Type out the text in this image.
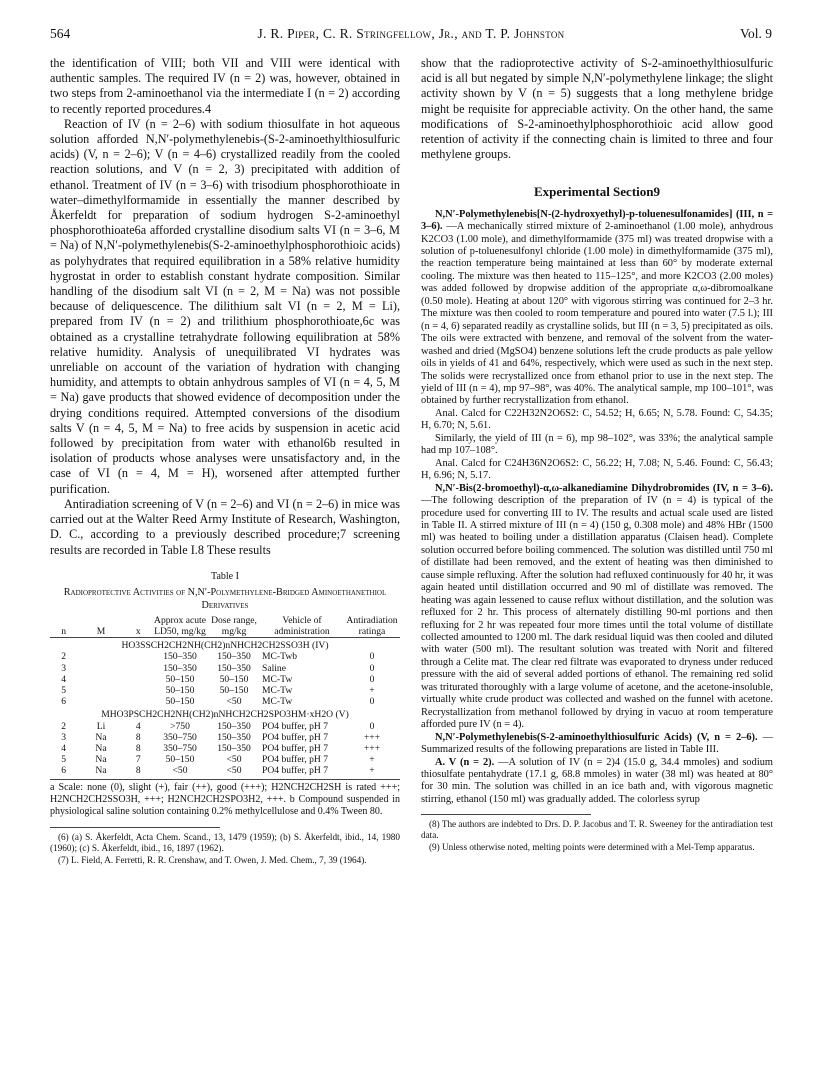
564	J. R. Piper, C. R. Stringfellow, Jr., and T. P. Johnston	Vol. 9

the identification of VIII; both VII and VIII were identical with authentic samples. The required IV (n = 2) was, however, obtained in two steps from 2-aminoethanol via the intermediate I (n = 2) according to recently reported procedures.4

Reaction of IV (n = 2–6) with sodium thiosulfate in hot aqueous solution afforded N,N′-polymethylenebis-(S-2-aminoethylthiosulfuric acids) (V, n = 2–6); V (n = 4–6) crystallized readily from the cooled reaction solutions, and V (n = 2, 3) precipitated with addition of ethanol. Treatment of IV (n = 3–6) with trisodium phosphorothioate in water–dimethylformamide in essentially the manner described by Åkerfeldt for preparation of sodium hydrogen S-2-aminoethyl phosphorothioate6a afforded crystalline disodium salts VI (n = 3–6, M = Na) of N,N′-polymethylenebis(S-2-aminoethylphosphorothioic acids) as polyhydrates that required equilibration in a 58% relative humidity hygrostat in order to establish constant hydrate composition. Similar handling of the disodium salt VI (n = 2, M = Na) was not possible because of deliquescence. The dilithium salt VI (n = 2, M = Li), prepared from IV (n = 2) and trilithium phosphorothioate,6c was obtained as a crystalline tetrahydrate following equilibration at 58% relative humidity. Analysis of unequilibrated VI hydrates was unreliable on account of the variation of hydration with changing humidity, and attempts to obtain anhydrous samples of VI (n = 4, 5, M = Na) gave products that showed evidence of decomposition under the drying conditions required. Attempted conversions of the disodium salts V (n = 4, 5, M = Na) to free acids by suspension in acetic acid followed by precipitation from water with ethanol6b resulted in isolation of products whose analyses were unsatisfactory and, in the case of VI (n = 4, M = H), worsened after attempted further purification.

Antiradiation screening of V (n = 2–6) and VI (n = 2–6) in mice was carried out at the Walter Reed Army Institute of Research, Washington, D. C., according to a previously described procedure;7 screening results are recorded in Table I.8 These results

Table I
Radioprotective Activities of N,N′-Polymethylene-Bridged Aminoethanethiol Derivatives
n	M	x	Approx acute LD50, mg/kg	Dose range, mg/kg	Vehicle of administration	Antiradiation ratinga
HO3SSCH2CH2NH(CH2)nNHCH2CH2SSO3H (IV)						
2			150–350	150–350	MC-Twb	0
3			150–350	150–350	Saline	0
4			50–150	50–150	MC-Tw	0
5			50–150	50–150	MC-Tw	+
6			50–150	<50	MC-Tw	0
MHO3PSCH2CH2NH(CH2)nNHCH2CH2SPO3HM·xH2O (V)						
2	Li	4	>750	150–350	PO4 buffer, pH 7	0
3	Na	8	350–750	150–350	PO4 buffer, pH 7	+++
4	Na	8	350–750	150–350	PO4 buffer, pH 7	+++
5	Na	7	50–150	<50	PO4 buffer, pH 7	+
6	Na	8	<50	<50	PO4 buffer, pH 7	+
a Scale: none (0), slight (+), fair (++), good (+++); H2NCH2CH2SH is rated +++; H2NCH2CH2SSO3H, +++; H2NCH2CH2SPO3H2, +++. b Compound suspended in physiological saline solution containing 0.2% methylcellulose and 0.4% Tween 80.

(6) (a) S. Åkerfeldt, Acta Chem. Scand., 13, 1479 (1959); (b) S. Åkerfeldt, ibid., 14, 1980 (1960); (c) S. Åkerfeldt, ibid., 16, 1897 (1962).

(7) L. Field, A. Ferretti, R. R. Crenshaw, and T. Owen, J. Med. Chem., 7, 39 (1964).

show that the radioprotective activity of S-2-aminoethylthiosulfuric acid is all but negated by simple N,N′-polymethylene linkage; the slight activity shown by V (n = 5) suggests that a long methylene bridge might be requisite for appreciable activity. On the other hand, the same modifications of S-2-aminoethylphosphorothioic acid allow good retention of activity if the connecting chain is limited to three and four methylene groups.

Experimental Section9

N,N′-Polymethylenebis[N-(2-hydroxyethyl)-p-toluenesulfonamides] (III, n = 3–6). —A mechanically stirred mixture of 2-aminoethanol (1.00 mole), anhydrous K2CO3 (1.00 mole), and dimethylformamide (375 ml) was treated dropwise with a solution of p-toluenesulfonyl chloride (1.00 mole) in dimethylformamide (375 ml), the reaction temperature being maintained at less than 60° by moderate external cooling. The mixture was then heated to 115–125°, and more K2CO3 (2.00 moles) was added followed by dropwise addition of the appropriate α,ω-dibromoalkane (0.50 mole). Heating at about 120° with vigorous stirring was continued for 2–3 hr. The mixture was then cooled to room temperature and poured into water (7.5 l.); III (n = 4, 6) separated readily as crystalline solids, but III (n = 3, 5) precipitated as oils. The oils were extracted with benzene, and removal of the solvent from the water-washed and dried (MgSO4) benzene solutions left the crude products as pale yellow oils in yields of 41 and 64%, respectively, which were used as such in the next step. The solids were recrystallized once from ethanol prior to use in the next step. The yield of III (n = 4), mp 97–98°, was 40%. The analytical sample, mp 100–101°, was obtained by further recrystallization from ethanol.

Anal. Calcd for C22H32N2O6S2: C, 54.52; H, 6.65; N, 5.78. Found: C, 54.35; H, 6.70; N, 5.61.

Similarly, the yield of III (n = 6), mp 98–102°, was 33%; the analytical sample had mp 107–108°.

Anal. Calcd for C24H36N2O6S2: C, 56.22; H, 7.08; N, 5.46. Found: C, 56.43; H, 6.96; N, 5.17.

N,N′-Bis(2-bromoethyl)-α,ω-alkanediamine Dihydrobromides (IV, n = 3–6). —The following description of the preparation of IV (n = 4) is typical of the procedure used for converting III to IV. The results and actual scale used are listed in Table II. A stirred mixture of III (n = 4) (150 g, 0.308 mole) and 48% HBr (1500 ml) was heated to boiling under a distillation apparatus (Claisen head). Complete solution occurred before boiling commenced. The solution was distilled until 750 ml of distillate had been removed, and the extent of heating was then diminished to cause simple refluxing. After the solution had refluxed continuously for 40 hr, it was again heated until distillation occurred and 90 ml of distillate was removed. The heating was again lessened to cause reflux without distillation, and the solution was refluxed for 2 hr. This process of alternately distilling 90-ml portions and then refluxing for 2 hr was repeated four more times until the total volume of distillate collected amounted to 1200 ml. The dark residual liquid was then cooled and diluted with water (500 ml). The resultant solution was treated with Norit and filtered through a Celite mat. The clear red filtrate was evaporated to dryness under reduced pressure with the aid of several added portions of ethanol. The remaining red solid was triturated thoroughly with a large volume of acetone, and the acetone-insoluble, virtually white crude product was collected and washed on the funnel with acetone. Recrystallization from methanol followed by drying in vacuo at room temperature afforded pure IV (n = 4).

N,N′-Polymethylenebis(S-2-aminoethylthiosulfuric Acids) (V, n = 2–6). —Summarized results of the following preparations are listed in Table III.

A. V (n = 2). —A solution of IV (n = 2)4 (15.0 g, 34.4 mmoles) and sodium thiosulfate pentahydrate (17.1 g, 68.8 mmoles) in water (38 ml) was heated at 80° for 30 min. The solution was chilled in an ice bath and, with vigorous magnetic stirring, ethanol (150 ml) was gradually added. The colorless syrup

(8) The authors are indebted to Drs. D. P. Jacobus and T. R. Sweeney for the antiradiation test data.

(9) Unless otherwise noted, melting points were determined with a Mel-Temp apparatus.
